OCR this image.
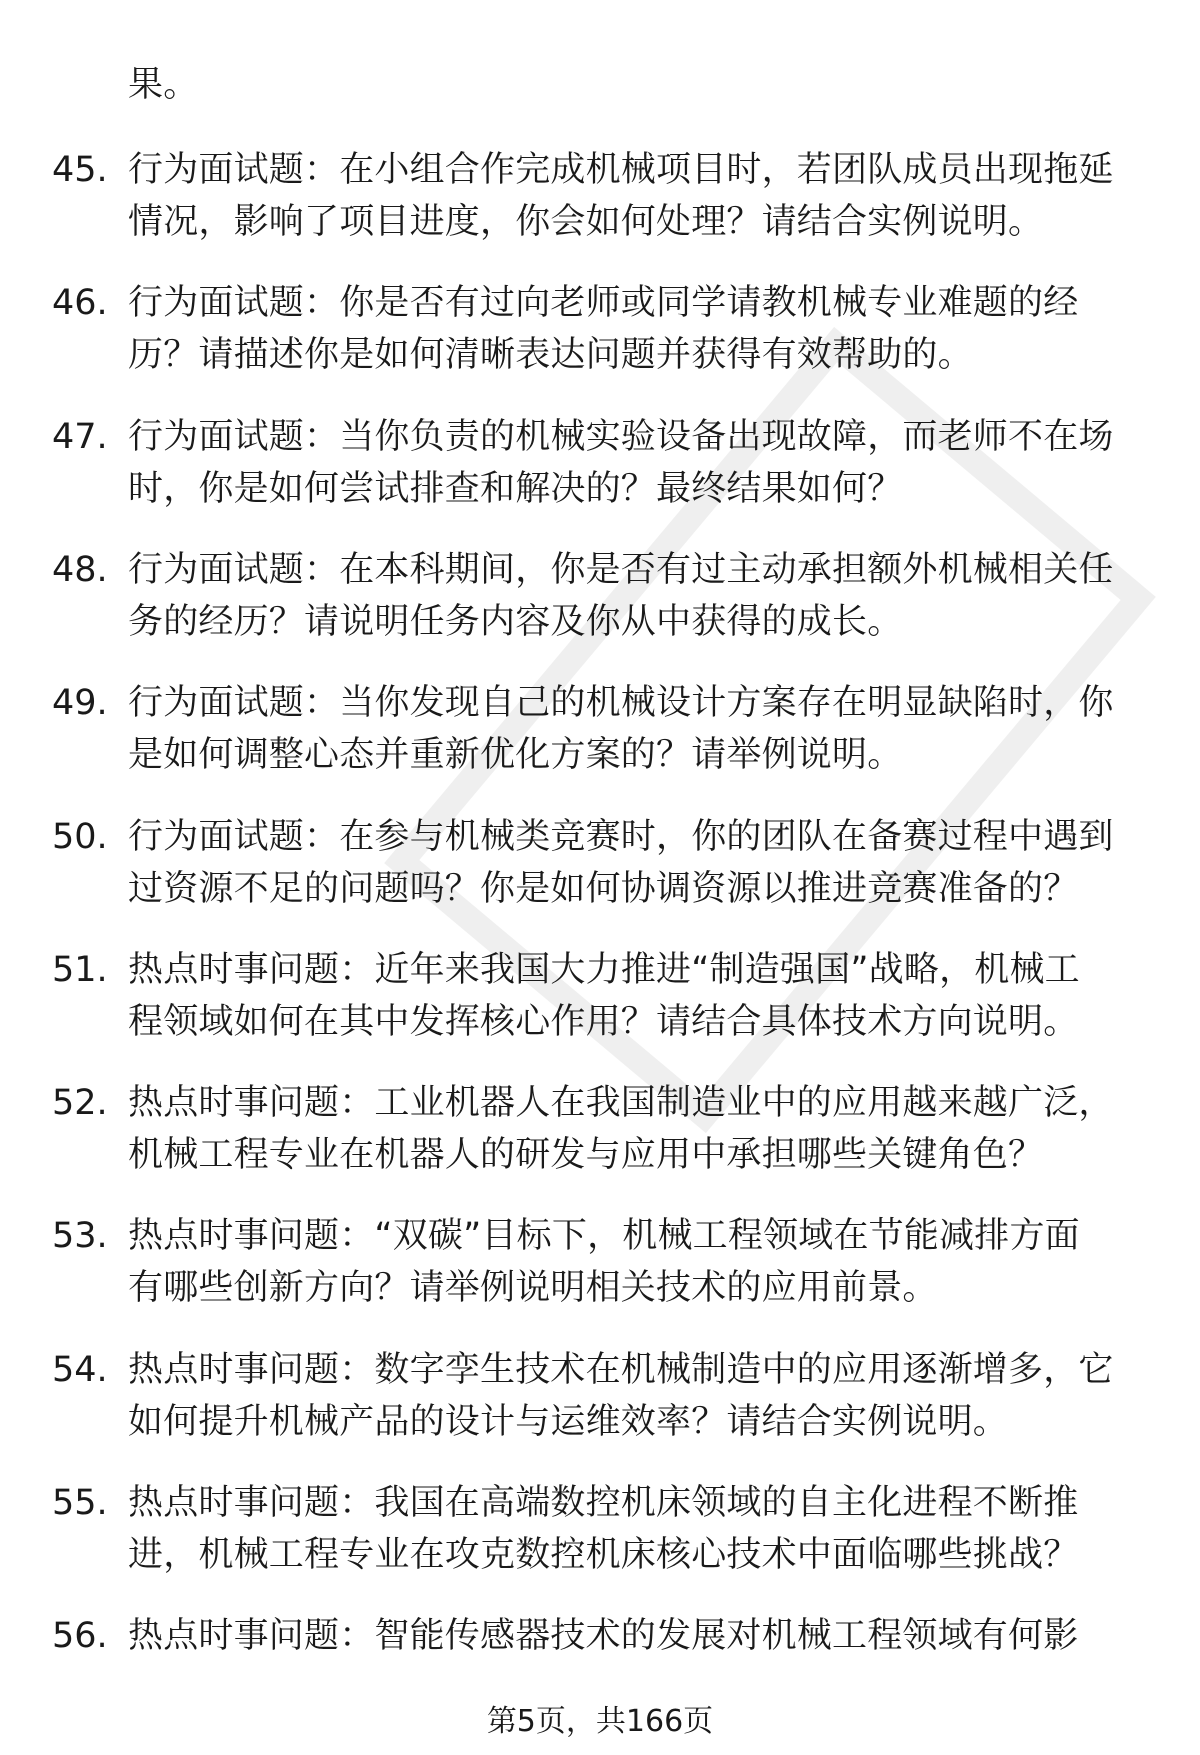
果。
45. 行为面试题：在小组合作完成机械项目时，若团队成员出现拖延
情况，影响了项目进度，你会如何处理？请结合实例说明。
46. 行为面试题：你是否有过向老师或同学请教机械专业难题的经
历？请描述你是如何清晰表达问题并获得有效帮助的。
47. 行为面试题：当你负责的机械实验设备出现故障，而老师不在场
时，你是如何尝试排查和解决的？最终结果如何？
48. 行为面试题：在本科期间，你是否有过主动承担额外机械相关任
务的经历？请说明任务内容及你从中获得的成长。
49. 行为面试题：当你发现自己的机械设计方案存在明显缺陷时，你
是如何调整心态并重新优化方案的？请举例说明。
50. 行为面试题：在参与机械类竞赛时，你的团队在备赛过程中遇到
过资源不足的问题吗？你是如何协调资源以推进竞赛准备的？
51. 热点时事问题：近年来我国大力推进“制造强国”战略，机械工
程领域如何在其中发挥核心作用？请结合具体技术方向说明。
52. 热点时事问题：工业机器人在我国制造业中的应用越来越广泛，
机械工程专业在机器人的研发与应用中承担哪些关键角色？
53. 热点时事问题：“双碳”目标下，机械工程领域在节能减排方面
有哪些创新方向？请举例说明相关技术的应用前景。
54. 热点时事问题：数字孪生技术在机械制造中的应用逐渐增多，它
如何提升机械产品的设计与运维效率？请结合实例说明。
55. 热点时事问题：我国在高端数控机床领域的自主化进程不断推
进，机械工程专业在攻克数控机床核心技术中面临哪些挑战？
56. 热点时事问题：智能传感器技术的发展对机械工程领域有何影
第5页，共166页
